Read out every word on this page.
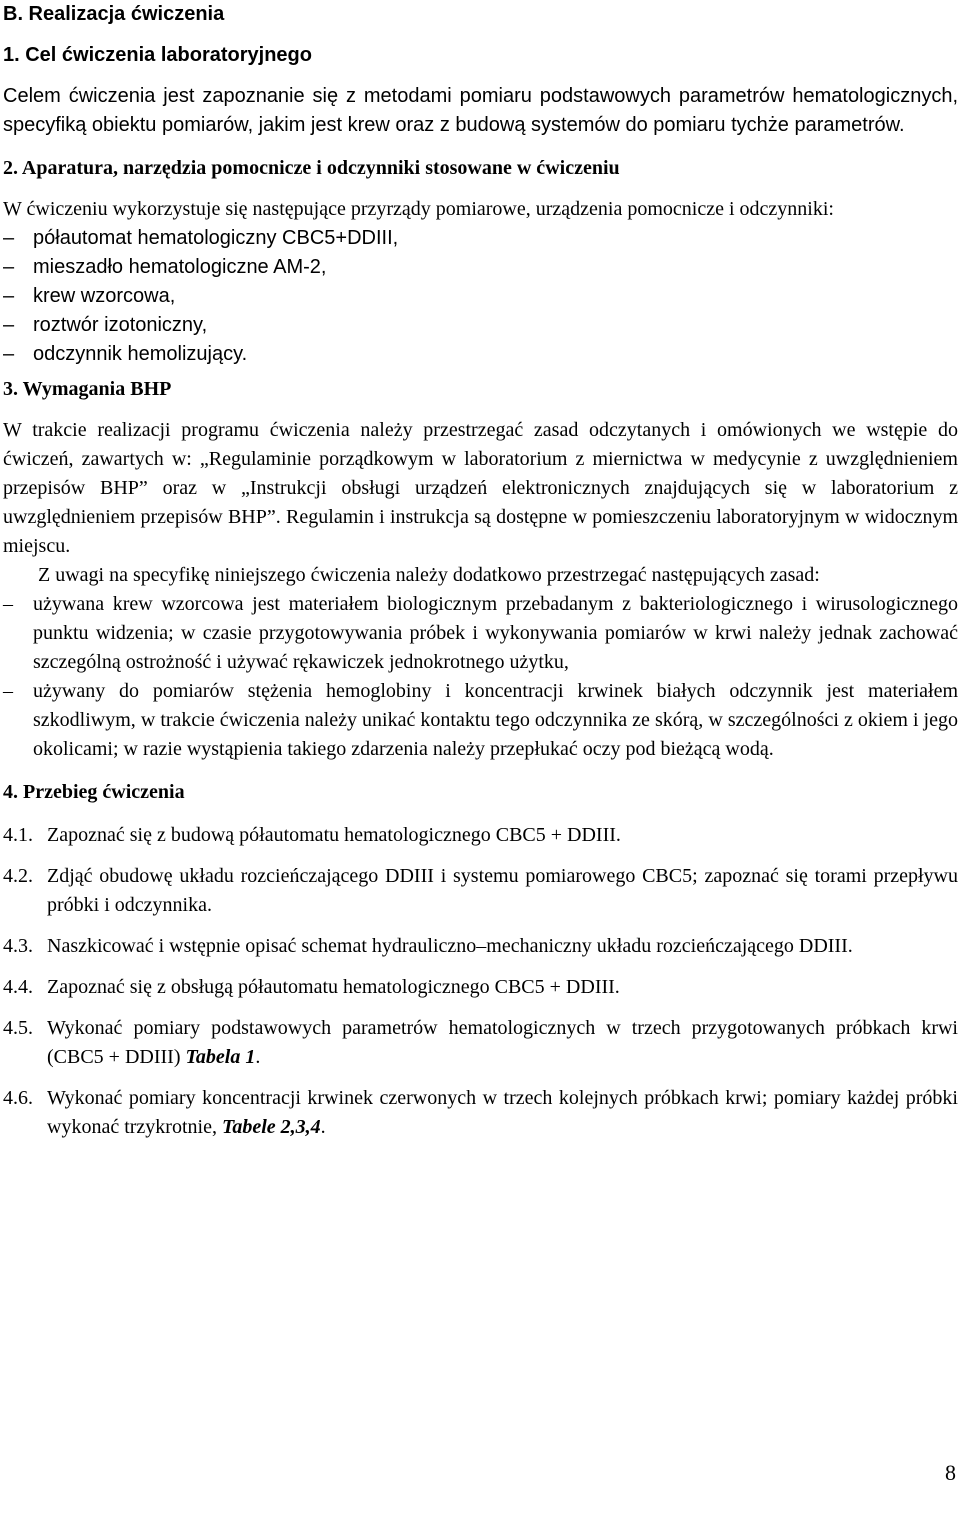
B. Realizacja ćwiczenia

1. Cel ćwiczenia laboratoryjnego

Celem ćwiczenia jest zapoznanie się z metodami pomiaru podstawowych parametrów hematologicznych, specyfiką obiektu pomiarów, jakim jest krew oraz z budową systemów do pomiaru tychże parametrów.

2. Aparatura, narzędzia pomocnicze i odczynniki stosowane w ćwiczeniu

W ćwiczeniu wykorzystuje się następujące przyrządy pomiarowe, urządzenia pomocnicze i odczynniki:

– półautomat hematologiczny CBC5+DDIII,
– mieszadło hematologiczne AM-2,
– krew wzorcowa,
– roztwór izotoniczny,
– odczynnik hemolizujący.

3. Wymagania BHP

W trakcie realizacji programu ćwiczenia należy przestrzegać zasad odczytanych i omówionych we wstępie do ćwiczeń, zawartych w: „Regulaminie porządkowym w laboratorium z miernictwa w medycynie z uwzględnieniem przepisów BHP” oraz w „Instrukcji obsługi urządzeń elektronicznych znajdujących się w laboratorium z uwzględnieniem przepisów BHP”. Regulamin i instrukcja są dostępne w pomieszczeniu laboratoryjnym w widocznym miejscu.

Z uwagi na specyfikę niniejszego ćwiczenia należy dodatkowo przestrzegać następujących zasad:

– używana krew wzorcowa jest materiałem biologicznym przebadanym z bakteriologicznego i wirusologicznego punktu widzenia; w czasie przygotowywania próbek i wykonywania pomiarów w krwi należy jednak zachować szczególną ostrożność i używać rękawiczek jednokrotnego użytku,
– używany do pomiarów stężenia hemoglobiny i koncentracji krwinek białych odczynnik jest materiałem szkodliwym, w trakcie ćwiczenia należy unikać kontaktu tego odczynnika ze skórą, w szczególności z okiem i jego okolicami; w razie wystąpienia takiego zdarzenia należy przepłukać oczy pod bieżącą wodą.

4. Przebieg ćwiczenia

4.1. Zapoznać się z budową półautomatu hematologicznego CBC5 + DDIII.
4.2. Zdjąć obudowę układu rozcieńczającego DDIII i systemu pomiarowego CBC5; zapoznać się torami przepływu próbki i odczynnika.
4.3. Naszkicować i wstępnie opisać schemat hydrauliczno–mechaniczny układu rozcieńczającego DDIII.
4.4. Zapoznać się z obsługą półautomatu hematologicznego CBC5 + DDIII.
4.5. Wykonać pomiary podstawowych parametrów hematologicznych w trzech przygotowanych próbkach krwi (CBC5 + DDIII) Tabela 1.
4.6. Wykonać pomiary koncentracji krwinek czerwonych w trzech kolejnych próbkach krwi; pomiary każdej próbki wykonać trzykrotnie, Tabele 2,3,4.
8
